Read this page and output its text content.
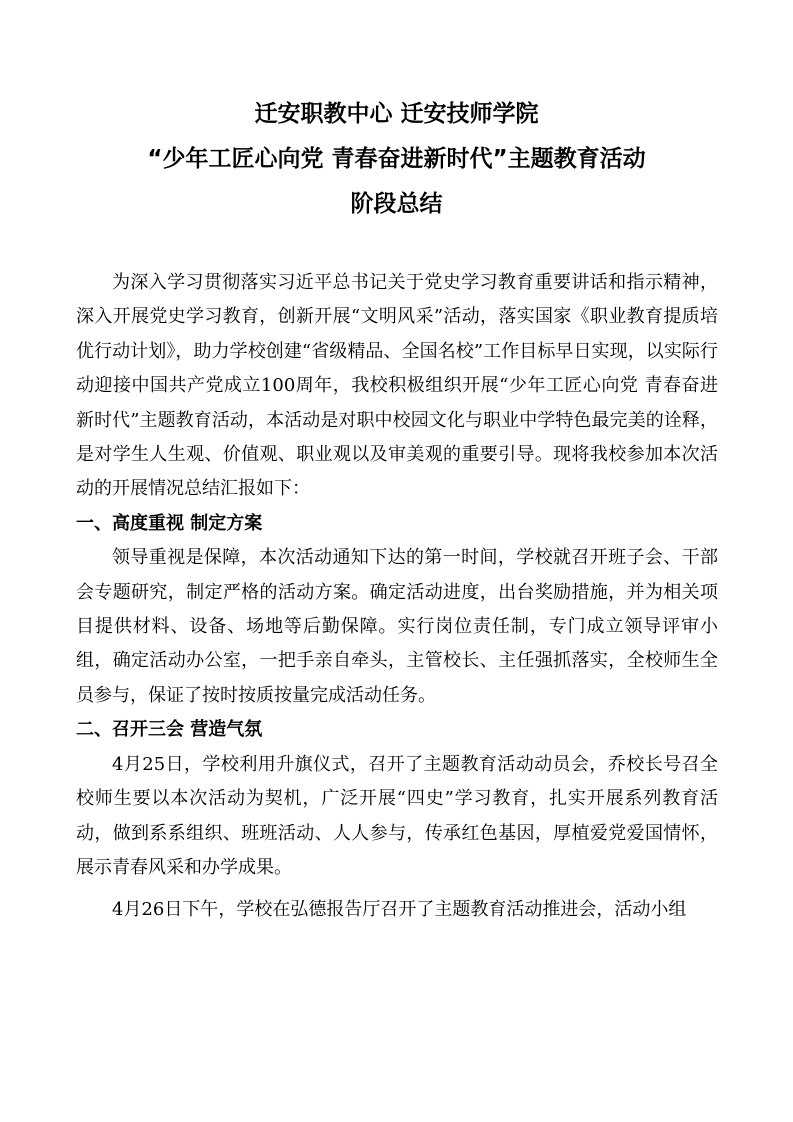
迁安职教中心 迁安技师学院
“少年工匠心向党 青春奋进新时代”主题教育活动
阶段总结

为深入学习贯彻落实习近平总书记关于党史学习教育重要讲话和指示精神，深入开展党史学习教育，创新开展“文明风采”活动，落实国家《职业教育提质培优行动计划》，助力学校创建“省级精品、全国名校”工作目标早日实现，以实际行动迎接中国共产党成立100周年，我校积极组织开展“少年工匠心向党 青春奋进新时代”主题教育活动，本活动是对职中校园文化与职业中学特色最完美的诠释，是对学生人生观、价值观、职业观以及审美观的重要引导。现将我校参加本次活动的开展情况总结汇报如下：

一、高度重视 制定方案

领导重视是保障，本次活动通知下达的第一时间，学校就召开班子会、干部会专题研究，制定严格的活动方案。确定活动进度，出台奖励措施，并为相关项目提供材料、设备、场地等后勤保障。实行岗位责任制，专门成立领导评审小组，确定活动办公室，一把手亲自牵头，主管校长、主任强抓落实，全校师生全员参与，保证了按时按质按量完成活动任务。

二、召开三会 营造气氛

4月25日，学校利用升旗仪式，召开了主题教育活动动员会，乔校长号召全校师生要以本次活动为契机，广泛开展“四史”学习教育，扎实开展系列教育活动，做到系系组织、班班活动、人人参与，传承红色基因，厚植爱党爱国情怀，展示青春风采和办学成果。

4月26日下午，学校在弘德报告厅召开了主题教育活动推进会，活动小组
